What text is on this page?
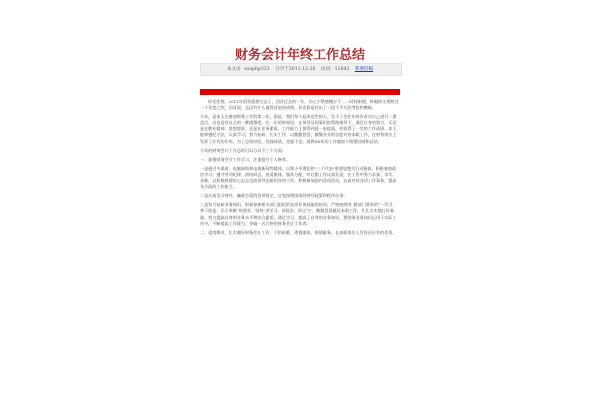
财务会计年终工作总结
本文由 soaphp333 分享于2011-12-26 访问：11643 我要投稿

时光荏苒，2011年很快就要过去了，回首过去的一年，内心不禁感慨万千……时间如梭，转眼间又将跨过一个年度之坎，回首望，虽没有什么值得述说的成绩，但也算是付出了一段不平凡的考验和磨砺。

今年，是本人在参加财务工作的第二年，据说，我们每个起来送空的人，免不了会在年终岁首对自己进行一番盘点。这也是对自己的一种激策吧。在一年的时间里，在领导及同事们的帮助指导下，通过自身的努力，无论是在敬业精神，思想境界，还是在业务素质，工作能力上都得到进一步提高，并取得了一定的工作成绩。本人能够遵纪守法，认真学习，努力钻研，扎实工作，以勤勤恳恳、兢兢业业的态度对待本职工作，在财务岗位上发挥了应有的作用。为了总结经验，发扬成绩，克服不足，现将XX年的工作做如下简要回顾和总结。

今年的财务会计工作总结可以分以下三个方面：

一、加强财务会计工作学习，注重提升个人修养。

一是通过多渠道、电脑网络和电视新闻等媒体，以和小平理论和"三个代表"重要思想为行动指南，积极参加政治学习，遵守劳动纪律，团结同志，热爱集体，服从分配，对后勤工作认真负责，在工作中努力求真、求实、求新，以积极热情的心态去完成领导安排的各项工作。积极参加国内各项活动，认真对待各项工作事务，提高各方面的工作能力。

二是认真学习财经、廉政方面的各项规定，自觉按照国家的财经政策和程序办事。

三是努力钻研业务知识，积极参加相关部门组织的各项业务技能的培训，严格按照财_税部门要求的"一学习、善于创造、乐于奉献"的要求，坚持"讲学习、讲政治、讲正气"，勤勤恳恳做好本职工作，扎扎实实地打好基础，努力提高自身的业务水平和综合素质，通过学习，提高了自身的业务知识，把财务业务知识运用于实际工作中，不断提高工作能力，争做一名合格的财务会计工作者。

二、爱岗敬业，扎实做好财务会计工作，不怕困难，勇挑重担，热情服务，在本职岗位上发挥出应有的作用。
